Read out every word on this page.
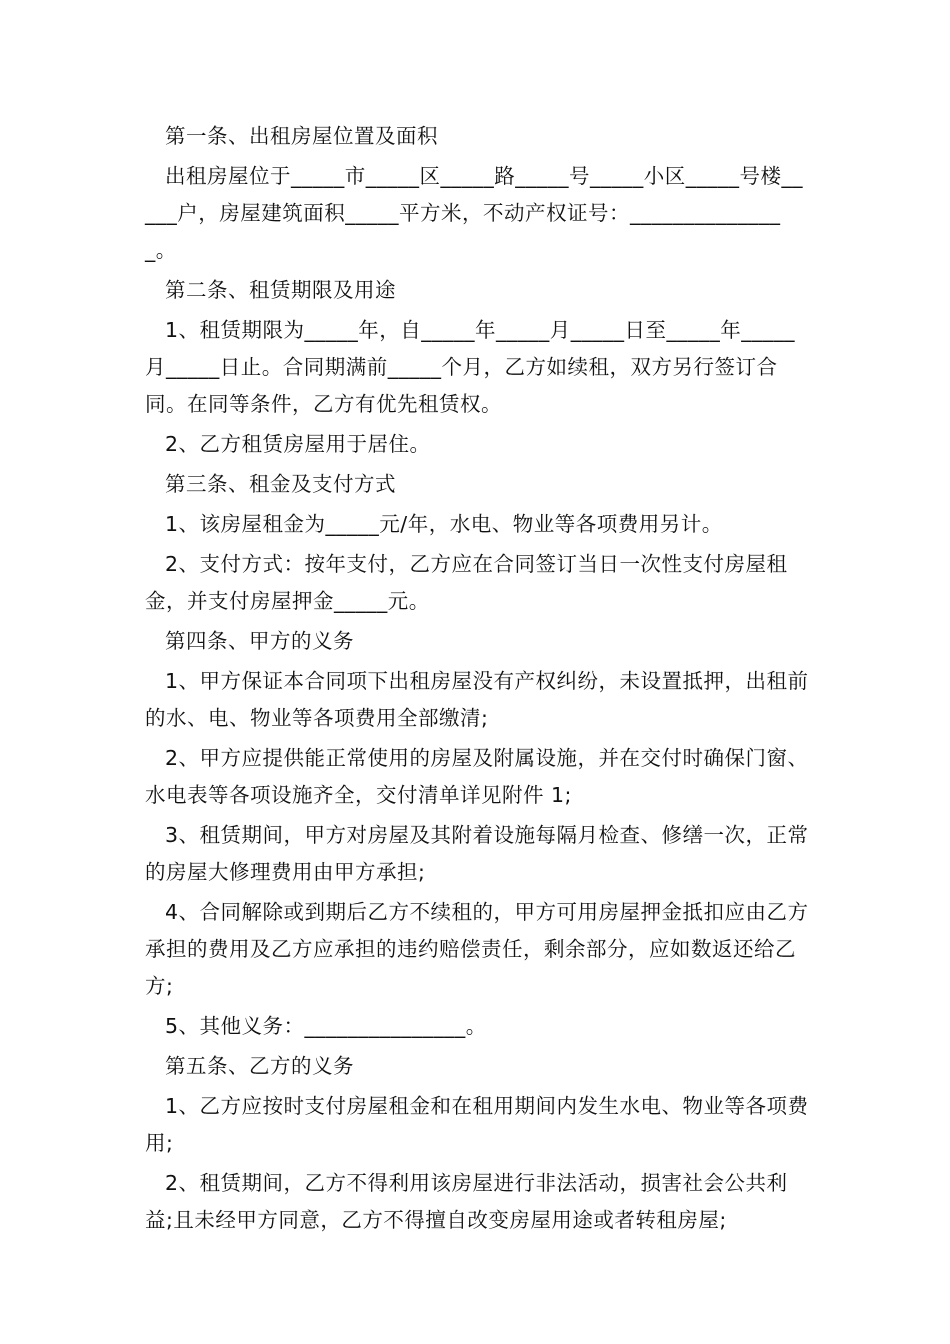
第一条、出租房屋位置及面积

出租房屋位于_____市_____区_____路_____号_____小区_____号楼_____户，房屋建筑面积_____平方米，不动产权证号：_______________。

第二条、租赁期限及用途

1、租赁期限为_____年，自_____年_____月_____日至_____年_____月_____日止。合同期满前_____个月，乙方如续租，双方另行签订合同。在同等条件，乙方有优先租赁权。

2、乙方租赁房屋用于居住。

第三条、租金及支付方式

1、该房屋租金为_____元/年，水电、物业等各项费用另计。

2、支付方式：按年支付，乙方应在合同签订当日一次性支付房屋租金，并支付房屋押金_____元。

第四条、甲方的义务

1、甲方保证本合同项下出租房屋没有产权纠纷，未设置抵押，出租前的水、电、物业等各项费用全部缴清;

2、甲方应提供能正常使用的房屋及附属设施，并在交付时确保门窗、水电表等各项设施齐全，交付清单详见附件 1;

3、租赁期间，甲方对房屋及其附着设施每隔月检查、修缮一次，正常的房屋大修理费用由甲方承担;

4、合同解除或到期后乙方不续租的，甲方可用房屋押金抵扣应由乙方承担的费用及乙方应承担的违约赔偿责任，剩余部分，应如数返还给乙方;

5、其他义务：_______________。

第五条、乙方的义务

1、乙方应按时支付房屋租金和在租用期间内发生水电、物业等各项费用;

2、租赁期间，乙方不得利用该房屋进行非法活动，损害社会公共利益;且未经甲方同意，乙方不得擅自改变房屋用途或者转租房屋;
